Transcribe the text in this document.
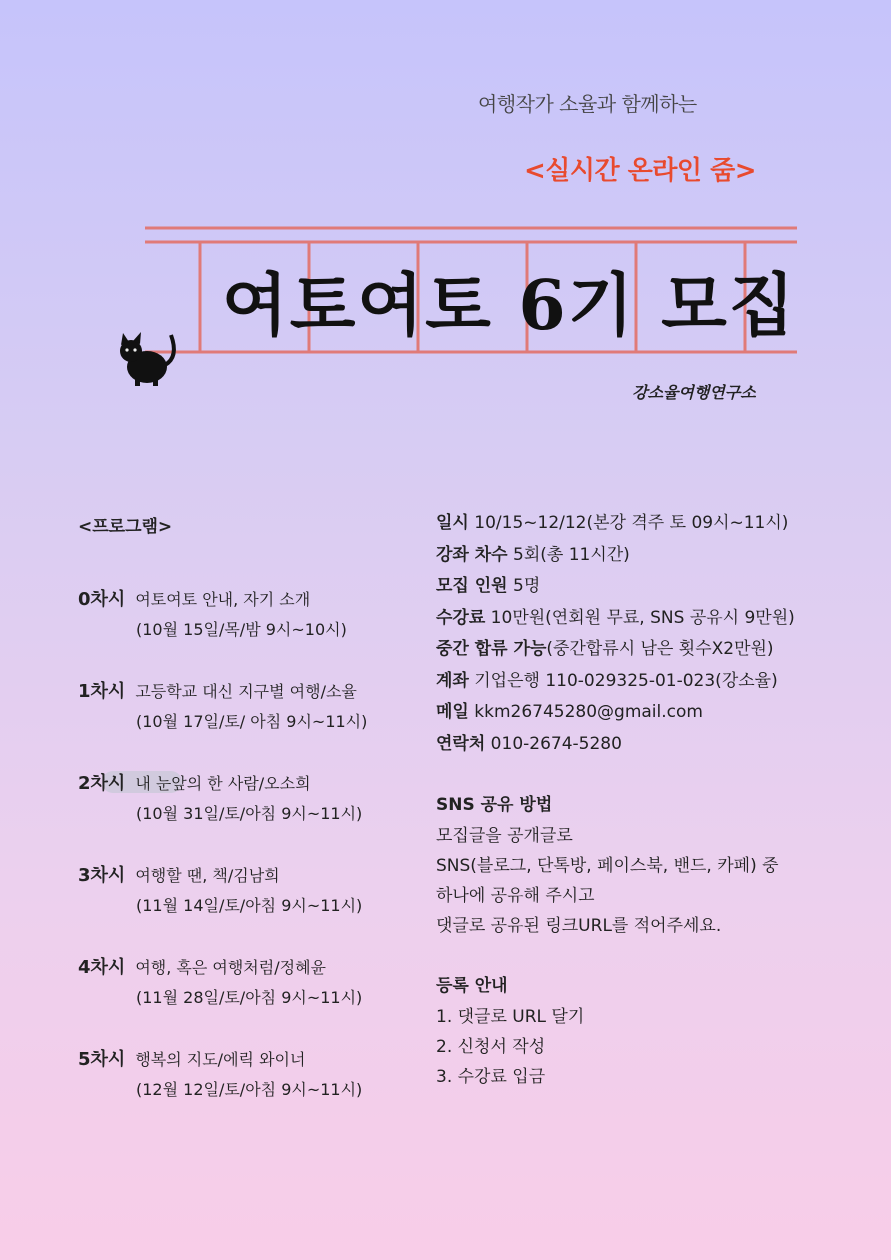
여행작가 소율과 함께하는
<실시간 온라인 줌>
여토여토 6기 모집
강소율여행연구소
<프로그램>
0차시 여토여토 안내, 자기 소개
(10월 15일/목/밤 9시~10시)
1차시 고등학교 대신 지구별 여행/소율
(10월 17일/토/ 아침 9시~11시)
2차시 내 눈앞의 한 사람/오소희
(10월 31일/토/아침 9시~11시)
3차시 여행할 땐, 책/김남희
(11월 14일/토/아침 9시~11시)
4차시 여행, 혹은 여행처럼/정혜윤
(11월 28일/토/아침 9시~11시)
5차시 행복의 지도/에릭 와이너
(12월 12일/토/아침 9시~11시)
일시 10/15~12/12(본강 격주 토 09시~11시)
강좌 차수 5회(총 11시간)
모집 인원 5명
수강료 10만원(연회원 무료, SNS 공유시 9만원)
중간 합류 가능(중간합류시 남은 횟수X2만원)
계좌 기업은행 110-029325-01-023(강소율)
메일 kkm26745280@gmail.com
연락처 010-2674-5280
SNS 공유 방법
모집글을 공개글로
SNS(블로그, 단톡방, 페이스북, 밴드, 카페) 중
하나에 공유해 주시고
댓글로 공유된 링크URL를 적어주세요.
등록 안내
1. 댓글로 URL 달기
2. 신청서 작성
3. 수강료 입금
